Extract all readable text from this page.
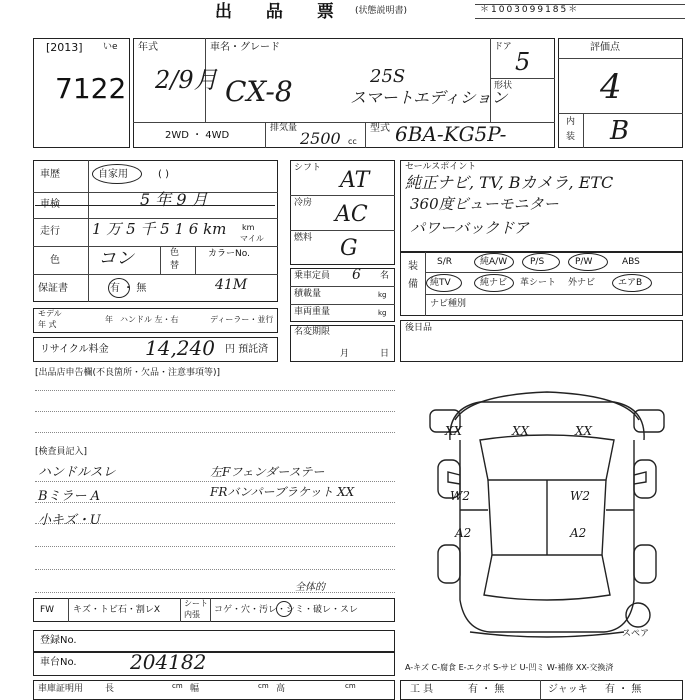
出 品 票 (状態説明書)	＊1003099185＊
[2013] いe
7122
年式
2/9月
車名・グレード
CX-8	25S
スマートエディション
ドア
5
形状
2WD ・ 4WD
排気量
2500 cc
型式 6BA-KG5P-
評価点
4
内
装 B
車歴	自家用	( )
車検	5 年 9 月
走行 1 万 5 千 5 1 6 km km
マイル
色 コン	色
替
カラーNo.
41M
保証書	有 ・ 無
シフト AT
冷房 AC
燃料 G
乗車定員 6 名
積載量	kg
車両重量	kg
モデル
年 式
年 ハンドル 左・右	ディーラー・並行
リサイクル料金 14,240 円 預託済
名変期限
月	日
セールスポイント
純正ナビ, TV, Bカメラ, ETC
360度ビューモニター
パワーバックドア
装
備
S/R	純A/W	P/S	P/W	ABS
純TV	純ナビ 革シート 外ナビ	エアB
ナビ種別
後日品
[出品店申告欄(不良箇所・欠品・注意事項等)]
[検査員記入]
ハンドルスレ
Bミラー A
小キズ・U
左Fフェンダーステー
FRバンパーブラケット XX
FW キズ・トビ石・割レX
シート
内張 コゲ・穴・汚レ・シミ・破レ・スレ
全体的
XX	XX	XX
W2	W2
A2	A2
スペア
登録No.
車台No.	204182	A-キズ C-腐食 E-エクボ S-サビ U-凹ミ W-補修 XX-交換済
車庫証明用 長	cm 幅	cm 高	cm	工 具	有 ・ 無	ジャッキ 有 ・ 無
